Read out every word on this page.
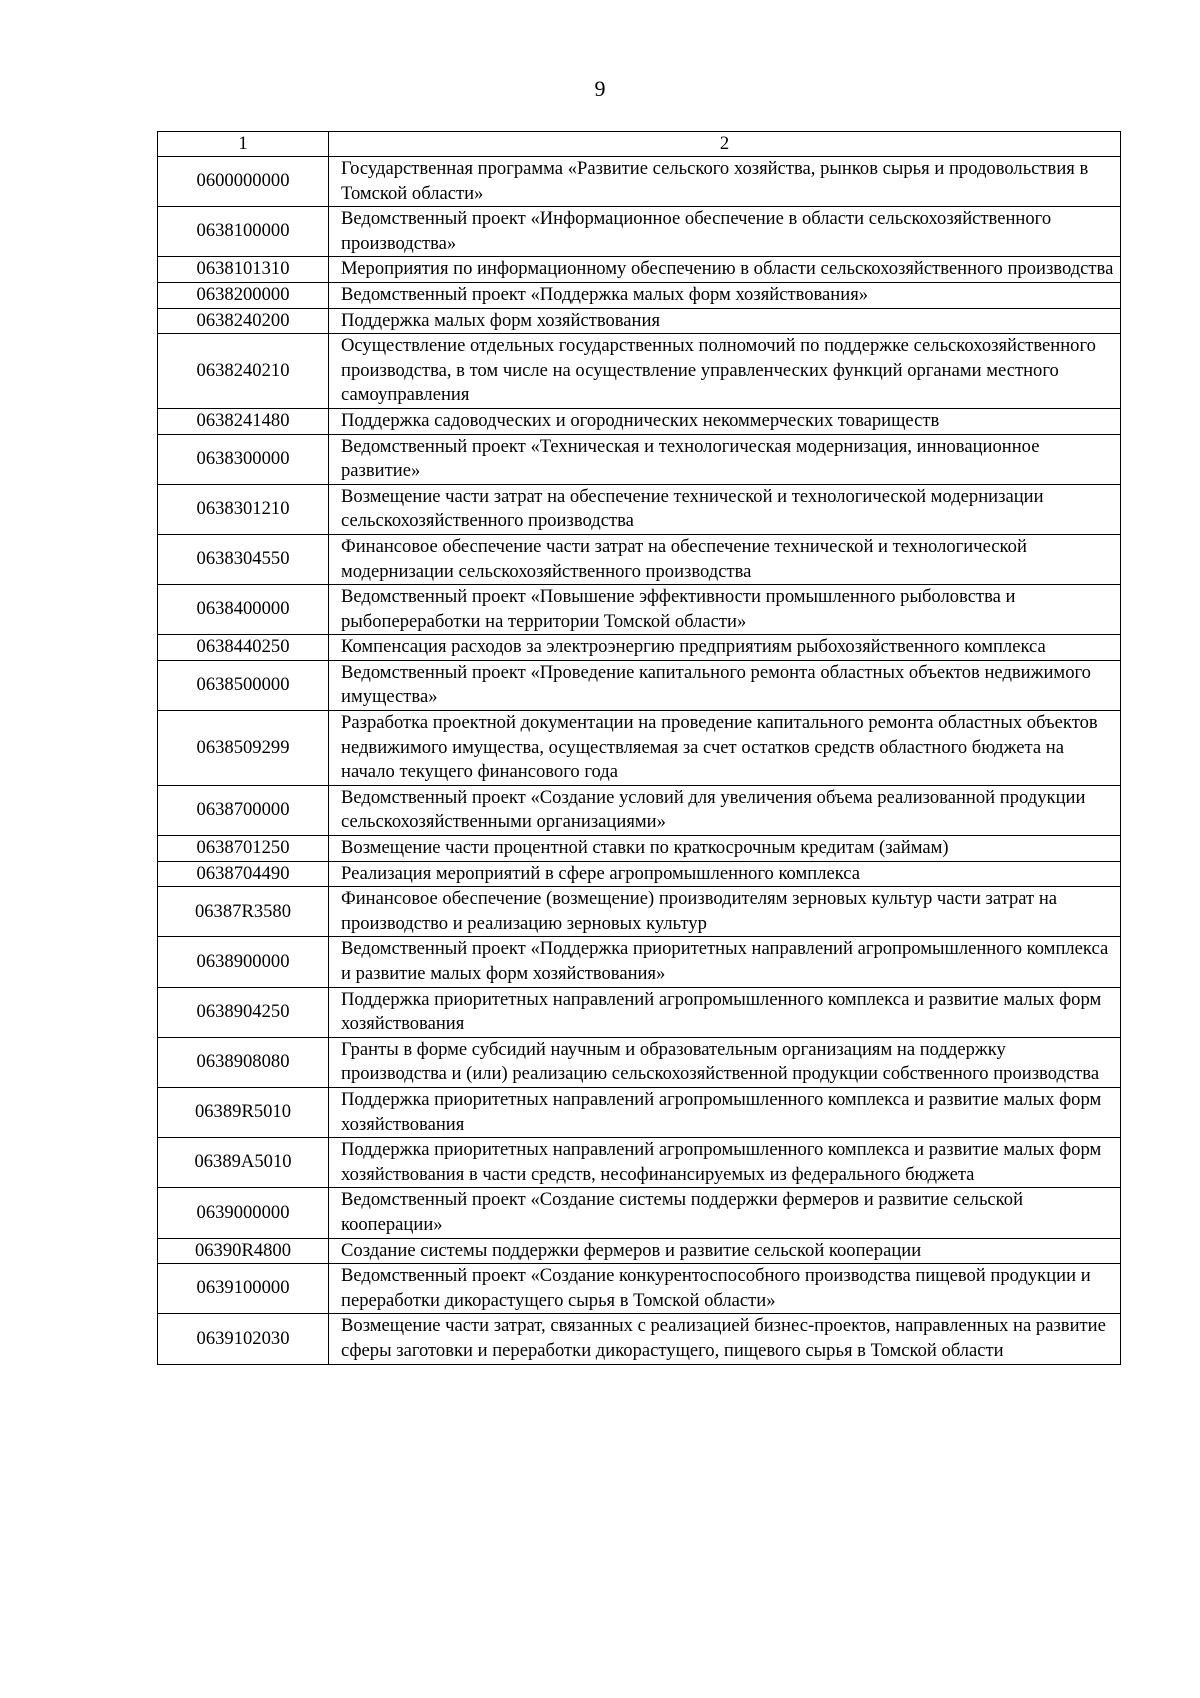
9
1	2
0600000000	Государственная программа «Развитие сельского хозяйства, рынков сырья и продовольствия в Томской области»
0638100000	Ведомственный проект «Информационное обеспечение в области сельскохозяйственного производства»
0638101310	Мероприятия по информационному обеспечению в области сельскохозяйственного производства
0638200000	Ведомственный проект «Поддержка малых форм хозяйствования»
0638240200	Поддержка малых форм хозяйствования
0638240210	Осуществление отдельных государственных полномочий по поддержке сельскохозяйственного производства, в том числе на осуществление управленческих функций органами местного самоуправления
0638241480	Поддержка садоводческих и огороднических некоммерческих товариществ
0638300000	Ведомственный проект «Техническая и технологическая модернизация, инновационное развитие»
0638301210	Возмещение части затрат на обеспечение технической и технологической модернизации сельскохозяйственного производства
0638304550	Финансовое обеспечение части затрат на обеспечение технической и технологической модернизации сельскохозяйственного производства
0638400000	Ведомственный проект «Повышение эффективности промышленного рыболовства и рыбопереработки на территории Томской области»
0638440250	Компенсация расходов за электроэнергию предприятиям рыбохозяйственного комплекса
0638500000	Ведомственный проект «Проведение капитального ремонта областных объектов недвижимого имущества»
0638509299	Разработка проектной документации на проведение капитального ремонта областных объектов недвижимого имущества, осуществляемая за счет остатков средств областного бюджета на начало текущего финансового года
0638700000	Ведомственный проект «Создание условий для увеличения объема реализованной продукции сельскохозяйственными организациями»
0638701250	Возмещение части процентной ставки по краткосрочным кредитам (займам)
0638704490	Реализация мероприятий в сфере агропромышленного комплекса
06387R3580	Финансовое обеспечение (возмещение) производителям зерновых культур части затрат на производство и реализацию зерновых культур
0638900000	Ведомственный проект «Поддержка приоритетных направлений агропромышленного комплекса и развитие малых форм хозяйствования»
0638904250	Поддержка приоритетных направлений агропромышленного комплекса и развитие малых форм хозяйствования
0638908080	Гранты в форме субсидий научным и образовательным организациям на поддержку производства и (или) реализацию сельскохозяйственной продукции собственного производства
06389R5010	Поддержка приоритетных направлений агропромышленного комплекса и развитие малых форм хозяйствования
06389A5010	Поддержка приоритетных направлений агропромышленного комплекса и развитие малых форм хозяйствования в части средств, несофинансируемых из федерального бюджета
0639000000	Ведомственный проект «Создание системы поддержки фермеров и развитие сельской кооперации»
06390R4800	Создание системы поддержки фермеров и развитие сельской кооперации
0639100000	Ведомственный проект «Создание конкурентоспособного производства пищевой продукции и переработки дикорастущего сырья в Томской области»
0639102030	Возмещение части затрат, связанных с реализацией бизнес-проектов, направленных на развитие сферы заготовки и переработки дикорастущего, пищевого сырья в Томской области
